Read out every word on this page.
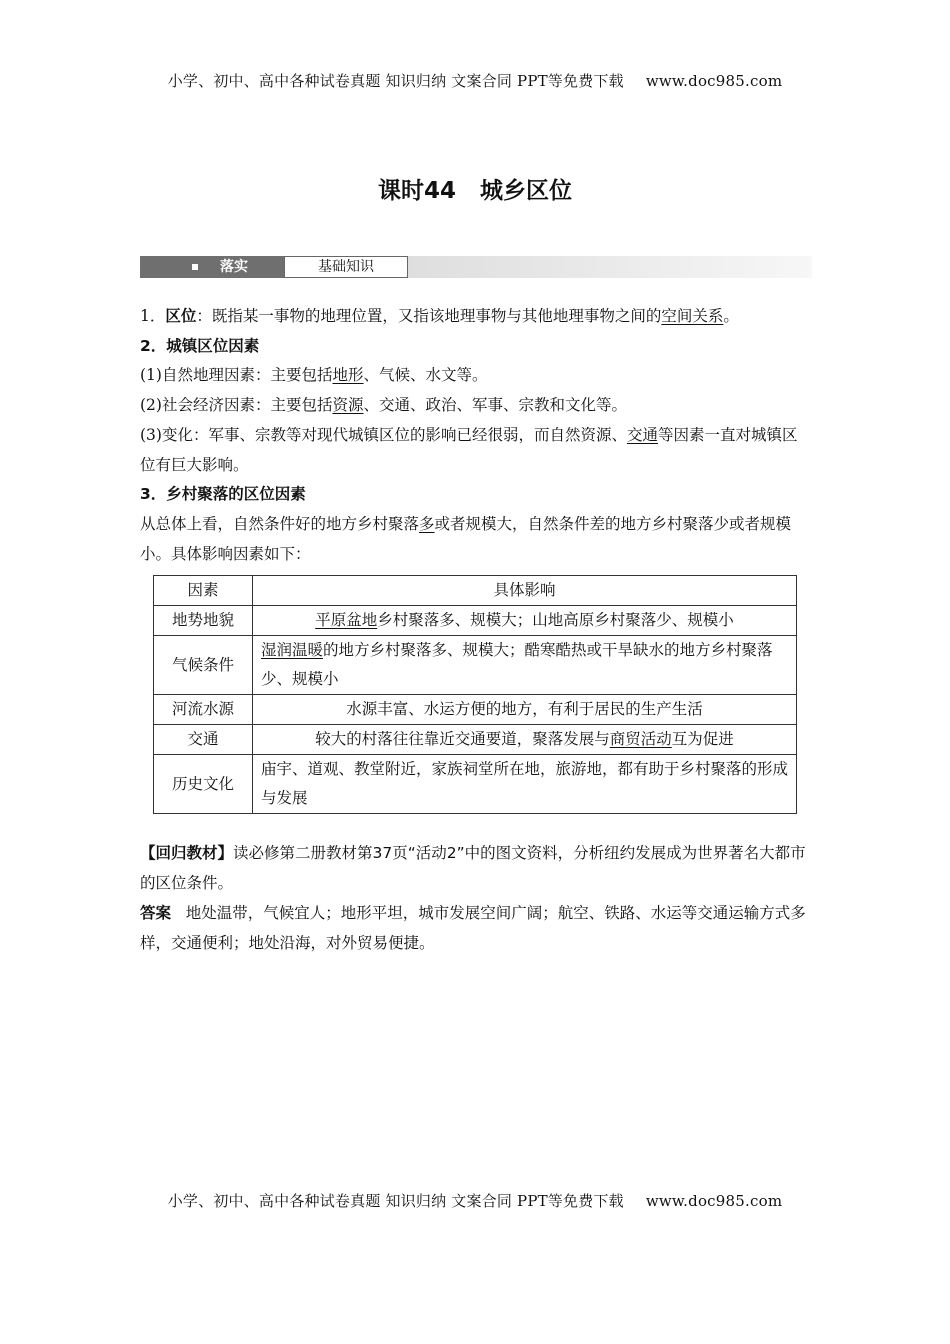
小学、初中、高中各种试卷真题 知识归纳 文案合同 PPT等免费下载 www.doc985.com
课时44 城乡区位
落实	基础知识

1．区位：既指某一事物的地理位置，又指该地理事物与其他地理事物之间的空间关系。

2．城镇区位因素

(1)自然地理因素：主要包括地形、气候、水文等。

(2)社会经济因素：主要包括资源、交通、政治、军事、宗教和文化等。

(3)变化：军事、宗教等对现代城镇区位的影响已经很弱，而自然资源、交通等因素一直对城镇区位有巨大影响。

3．乡村聚落的区位因素

从总体上看，自然条件好的地方乡村聚落多或者规模大，自然条件差的地方乡村聚落少或者规模小。具体影响因素如下：

因素	具体影响
地势地貌	平原盆地乡村聚落多、规模大；山地高原乡村聚落少、规模小
气候条件	湿润温暖的地方乡村聚落多、规模大；酷寒酷热或干旱缺水的地方乡村聚落少、规模小
河流水源	水源丰富、水运方便的地方，有利于居民的生产生活
交通	较大的村落往往靠近交通要道，聚落发展与商贸活动互为促进
历史文化	庙宇、道观、教堂附近，家族祠堂所在地，旅游地，都有助于乡村聚落的形成与发展

【回归教材】读必修第二册教材第37页“活动2”中的图文资料，分析纽约发展成为世界著名大都市的区位条件。

答案 地处温带，气候宜人；地形平坦，城市发展空间广阔；航空、铁路、水运等交通运输方式多样，交通便利；地处沿海，对外贸易便捷。

小学、初中、高中各种试卷真题 知识归纳 文案合同 PPT等免费下载 www.doc985.com
